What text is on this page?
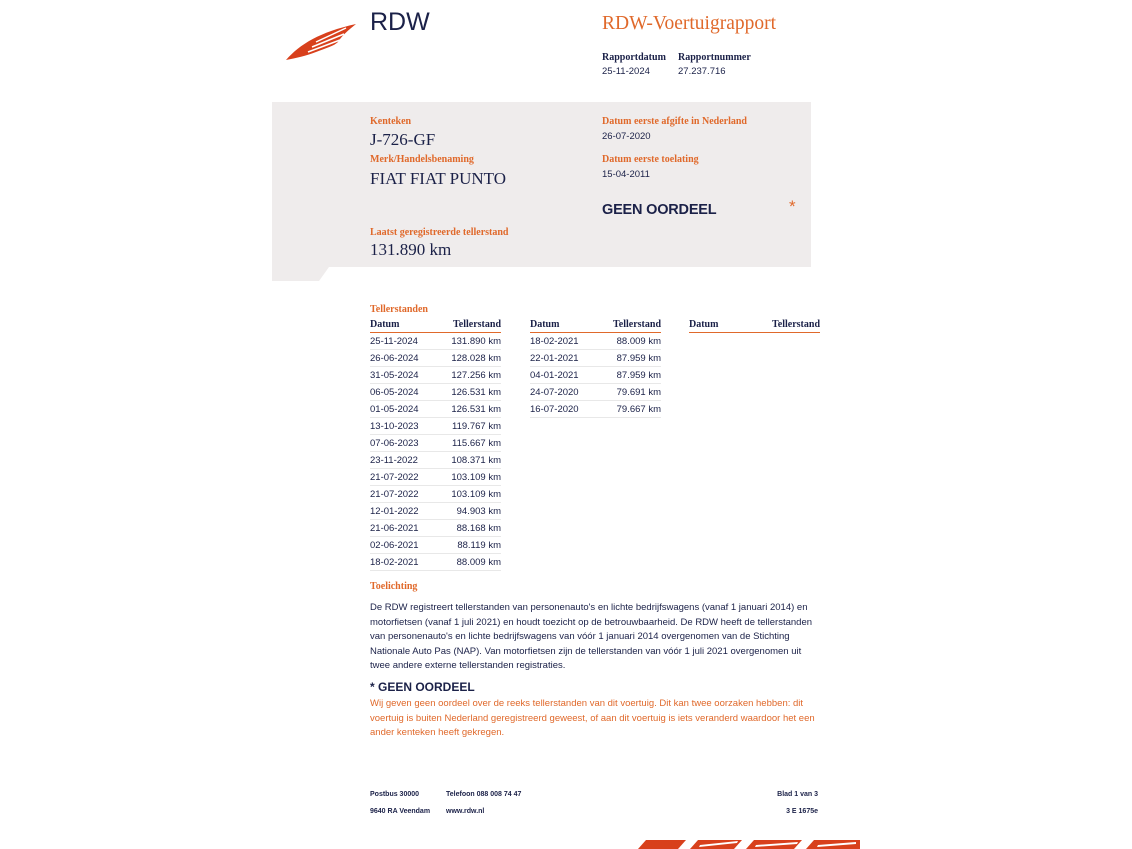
RDW	RDW-Voertuigrapport
Rapportdatum
25-11-2024
Rapportnummer
27.237.716
Kenteken
J-726-GF
Merk/Handelsbenaming
FIAT FIAT PUNTO
Laatst geregistreerde tellerstand
131.890 km
Datum eerste afgifte in Nederland
26-07-2020
Datum eerste toelating
15-04-2011
GEEN OORDEEL	*
Tellerstanden
Datum	Tellerstand
25-11-2024	131.890 km
26-06-2024	128.028 km
31-05-2024	127.256 km
06-05-2024	126.531 km
01-05-2024	126.531 km
13-10-2023	119.767 km
07-06-2023	115.667 km
23-11-2022	108.371 km
21-07-2022	103.109 km
21-07-2022	103.109 km
12-01-2022	94.903 km
21-06-2021	88.168 km
02-06-2021	88.119 km
18-02-2021	88.009 km
Datum	Tellerstand
18-02-2021	88.009 km
22-01-2021	87.959 km
04-01-2021	87.959 km
24-07-2020	79.691 km
16-07-2020	79.667 km
Datum	Tellerstand
Toelichting
De RDW registreert tellerstanden van personenauto's en lichte bedrijfswagens (vanaf 1 januari 2014) en motorfietsen (vanaf 1 juli 2021) en houdt toezicht op de betrouwbaarheid. De RDW heeft de tellerstanden van personenauto's en lichte bedrijfswagens van vóór 1 januari 2014 overgenomen van de Stichting Nationale Auto Pas (NAP). Van motorfietsen zijn de tellerstanden van vóór 1 juli 2021 overgenomen uit twee andere externe tellerstanden registraties.
* GEEN OORDEEL
Wij geven geen oordeel over de reeks tellerstanden van dit voertuig. Dit kan twee oorzaken hebben: dit voertuig is buiten Nederland geregistreerd geweest, of aan dit voertuig is iets veranderd waardoor het een ander kenteken heeft gekregen.
Postbus 30000
9640 RA Veendam
Telefoon 088 008 74 47
www.rdw.nl
Blad 1 van 3
3 E 1675e
